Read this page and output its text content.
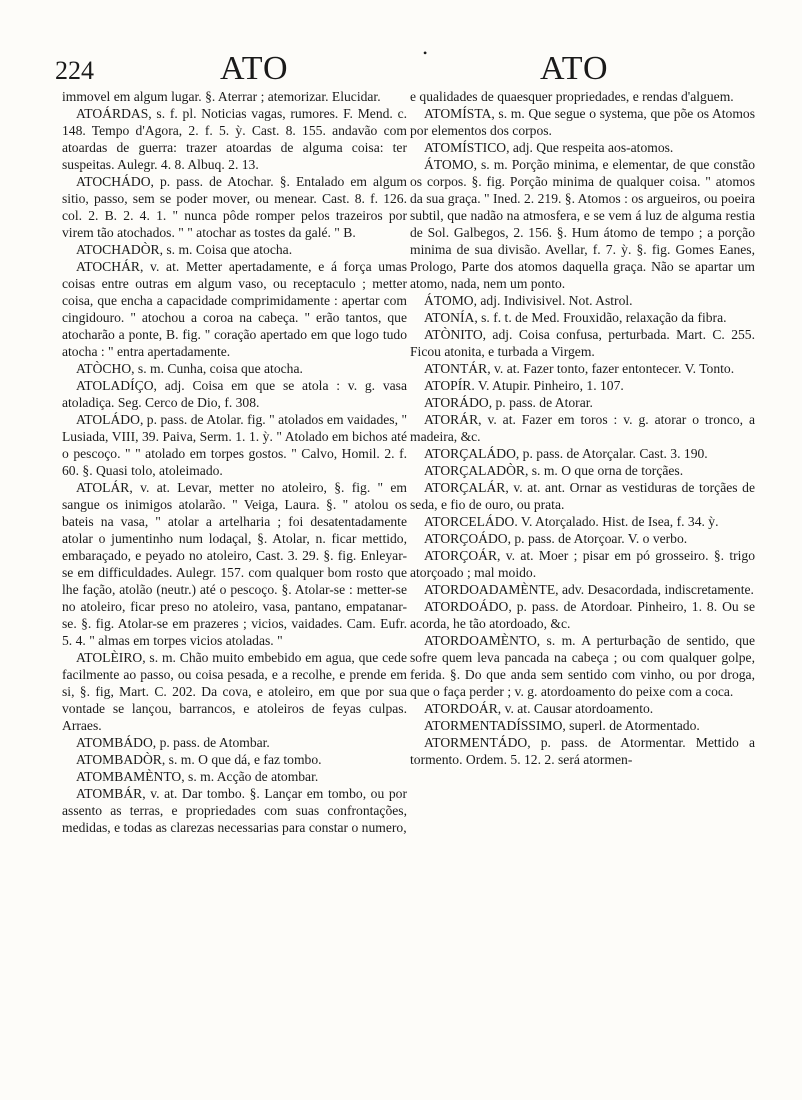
224	ATO	•	ATO

immovel em algum lugar. §. Aterrar ; atemorizar. Elucidar.

ATOÁRDAS, s. f. pl. Noticias vagas, rumores. F. Mend. c. 148. Tempo d'Agora, 2. f. 5. ỳ. Cast. 8. 155. andavão com atoardas de guerra: trazer atoardas de alguma coisa: ter suspeitas. Aulegr. 4. 8. Albuq. 2. 13.

ATOCHÁDO, p. pass. de Atochar. §. Entalado em algum sitio, passo, sem se poder mover, ou menear. Cast. 8. f. 126. col. 2. B. 2. 4. 1. " nunca pôde romper pelos trazeiros por virem tão atochados. " " atochar as tostes da galé. " B.

ATOCHADÒR, s. m. Coisa que atocha.

ATOCHÁR, v. at. Metter apertadamente, e á força umas coisas entre outras em algum vaso, ou receptaculo ; metter coisa, que encha a capacidade comprimidamente : apertar com cingidouro. " atochou a coroa na cabeça. " erão tantos, que atocharão a ponte, B. fig. " coração apertado em que logo tudo atocha : " entra apertadamente.

ATÒCHO, s. m. Cunha, coisa que atocha.

ATOLADÍÇO, adj. Coisa em que se atola : v. g. vasa atoladiça. Seg. Cerco de Dio, f. 308.

ATOLÁDO, p. pass. de Atolar. fig. " atolados em vaidades, " Lusiada, VIII, 39. Paiva, Serm. 1. 1. ỳ. " Atolado em bichos até o pescoço. " " atolado em torpes gostos. " Calvo, Homil. 2. f. 60. §. Quasi tolo, atoleimado.

ATOLÁR, v. at. Levar, metter no atoleiro, §. fig. " em sangue os inimigos atolarão. " Veiga, Laura. §. " atolou os bateis na vasa, " atolar a artelharia ; foi desatentadamente atolar o jumentinho num lodaçal, §. Atolar, n. ficar mettido, embaraçado, e peyado no atoleiro, Cast. 3. 29. §. fig. Enleyar-se em difficuldades. Aulegr. 157. com qualquer bom rosto que lhe fação, atolão (neutr.) até o pescoço. §. Atolar-se : metter-se no atoleiro, ficar preso no atoleiro, vasa, pantano, empatanar-se. §. fig. Atolar-se em prazeres ; vicios, vaidades. Cam. Eufr. 5. 4. " almas em torpes vicios atoladas. "

ATOLÈIRO, s. m. Chão muito embebido em agua, que cede facilmente ao passo, ou coisa pesada, e a recolhe, e prende em si, §. fig, Mart. C. 202. Da cova, e atoleiro, em que por sua vontade se lançou, barrancos, e atoleiros de feyas culpas. Arraes.

ATOMBÁDO, p. pass. de Atombar.

ATOMBADÒR, s. m. O que dá, e faz tombo.

ATOMBAMÈNTO, s. m. Acção de atombar.

ATOMBÁR, v. at. Dar tombo. §. Lançar em tombo, ou por assento as terras, e propriedades com suas confrontações, medidas, e todas as clarezas necessarias para constar o numero,

e qualidades de quaesquer propriedades, e rendas d'alguem.

ATOMÍSTA, s. m. Que segue o systema, que põe os Atomos por elementos dos corpos.

ATOMÍSTICO, adj. Que respeita aos-atomos.

ÁTOMO, s. m. Porção minima, e elementar, de que constão os corpos. §. fig. Porção minima de qualquer coisa. " atomos da sua graça. " Ined. 2. 219. §. Atomos : os argueiros, ou poeira subtil, que nadão na atmosfera, e se vem á luz de alguma restia de Sol. Galbegos, 2. 156. §. Hum átomo de tempo ; a porção minima de sua divisão. Avellar, f. 7. ỳ. §. fig. Gomes Eanes, Prologo, Parte dos atomos daquella graça. Não se apartar um atomo, nada, nem um ponto.

ÁTOMO, adj. Indivisivel. Not. Astrol.

ATONÍA, s. f. t. de Med. Frouxidão, relaxação da fibra.

ATÒNITO, adj. Coisa confusa, perturbada. Mart. C. 255. Ficou atonita, e turbada a Virgem.

ATONTÁR, v. at. Fazer tonto, fazer entontecer. V. Tonto.

ATOPÍR. V. Atupir. Pinheiro, 1. 107.

ATORÁDO, p. pass. de Atorar.

ATORÁR, v. at. Fazer em toros : v. g. atorar o tronco, a madeira, &c.

ATORÇALÁDO, p. pass. de Atorçalar. Cast. 3. 190.

ATORÇALADÒR, s. m. O que orna de torçães.

ATORÇALÁR, v. at. ant. Ornar as vestiduras de torçães de seda, e fio de ouro, ou prata.

ATORCELÁDO. V. Atorçalado. Hist. de Isea, f. 34. ỳ.

ATORÇOÁDO, p. pass. de Atorçoar. V. o verbo.

ATORÇOÁR, v. at. Moer ; pisar em pó grosseiro. §. trigo atorçoado ; mal moido.

ATORDOADAMÈNTE, adv. Desacordada, indiscretamente.

ATORDOÁDO, p. pass. de Atordoar. Pinheiro, 1. 8. Ou se acorda, he tão atordoado, &c.

ATORDOAMÈNTO, s. m. A perturbação de sentido, que sofre quem leva pancada na cabeça ; ou com qualquer golpe, ferida. §. Do que anda sem sentido com vinho, ou por droga, que o faça perder ; v. g. atordoamento do peixe com a coca.

ATORDOÁR, v. at. Causar atordoamento.

ATORMENTADÍSSIMO, superl. de Atormentado.

ATORMENTÁDO, p. pass. de Atormentar. Mettido a tormento. Ordem. 5. 12. 2. será atormen-
